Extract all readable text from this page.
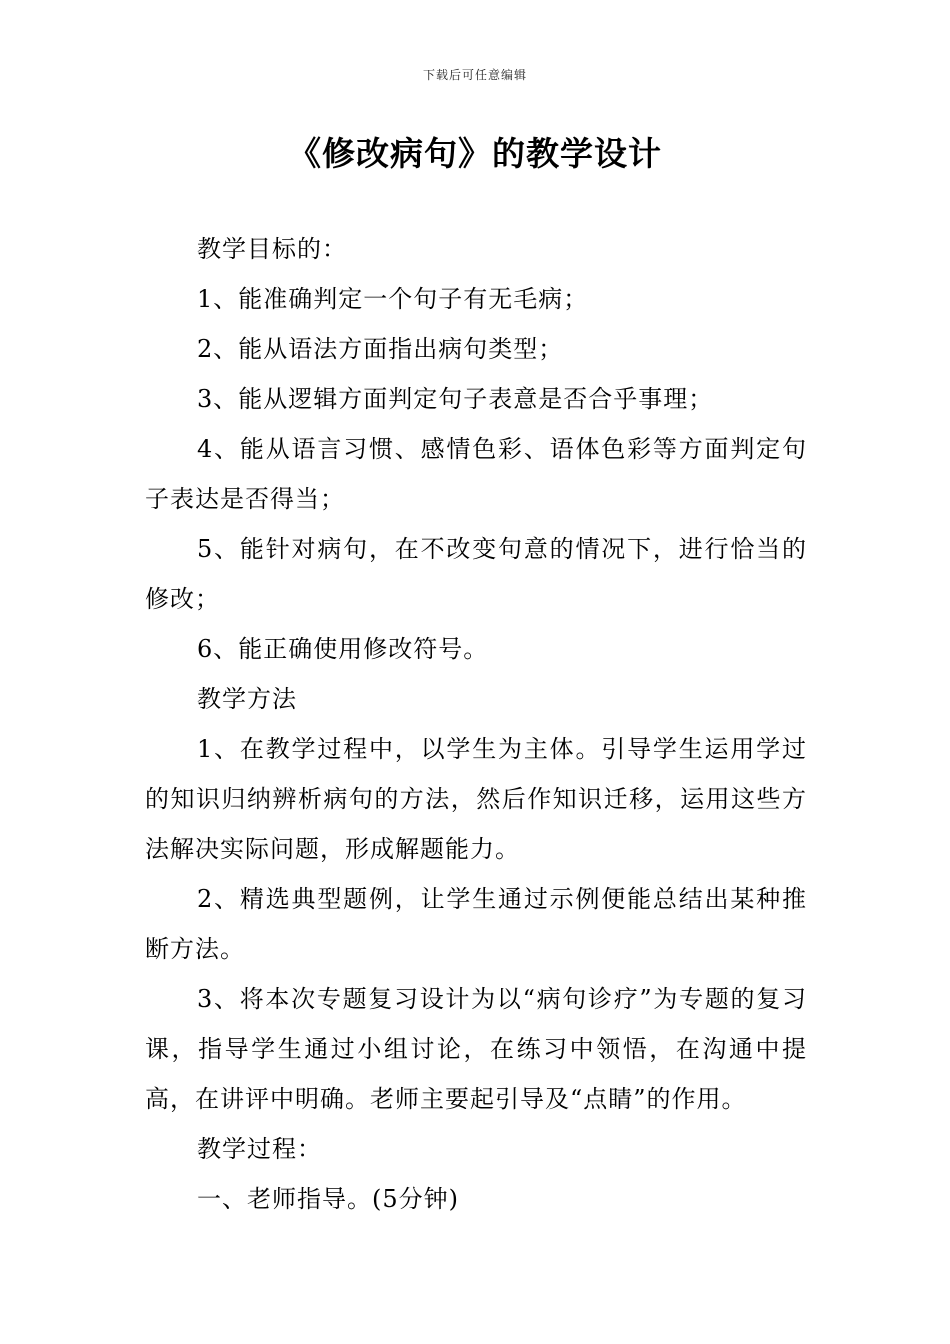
下载后可任意编辑
《修改病句》的教学设计

教学目标的：

1、能准确判定一个句子有无毛病；

2、能从语法方面指出病句类型；

3、能从逻辑方面判定句子表意是否合乎事理；

4、能从语言习惯、感情色彩、语体色彩等方面判定句子表达是否得当；

5、能针对病句，在不改变句意的情况下，进行恰当的修改；

6、能正确使用修改符号。

教学方法

1、在教学过程中，以学生为主体。引导学生运用学过的知识归纳辨析病句的方法，然后作知识迁移，运用这些方法解决实际问题，形成解题能力。

2、精选典型题例，让学生通过示例便能总结出某种推断方法。

3、将本次专题复习设计为以“病句诊疗”为专题的复习课，指导学生通过小组讨论，在练习中领悟，在沟通中提高，在讲评中明确。老师主要起引导及“点睛”的作用。

教学过程：

一、老师指导。(5分钟)
